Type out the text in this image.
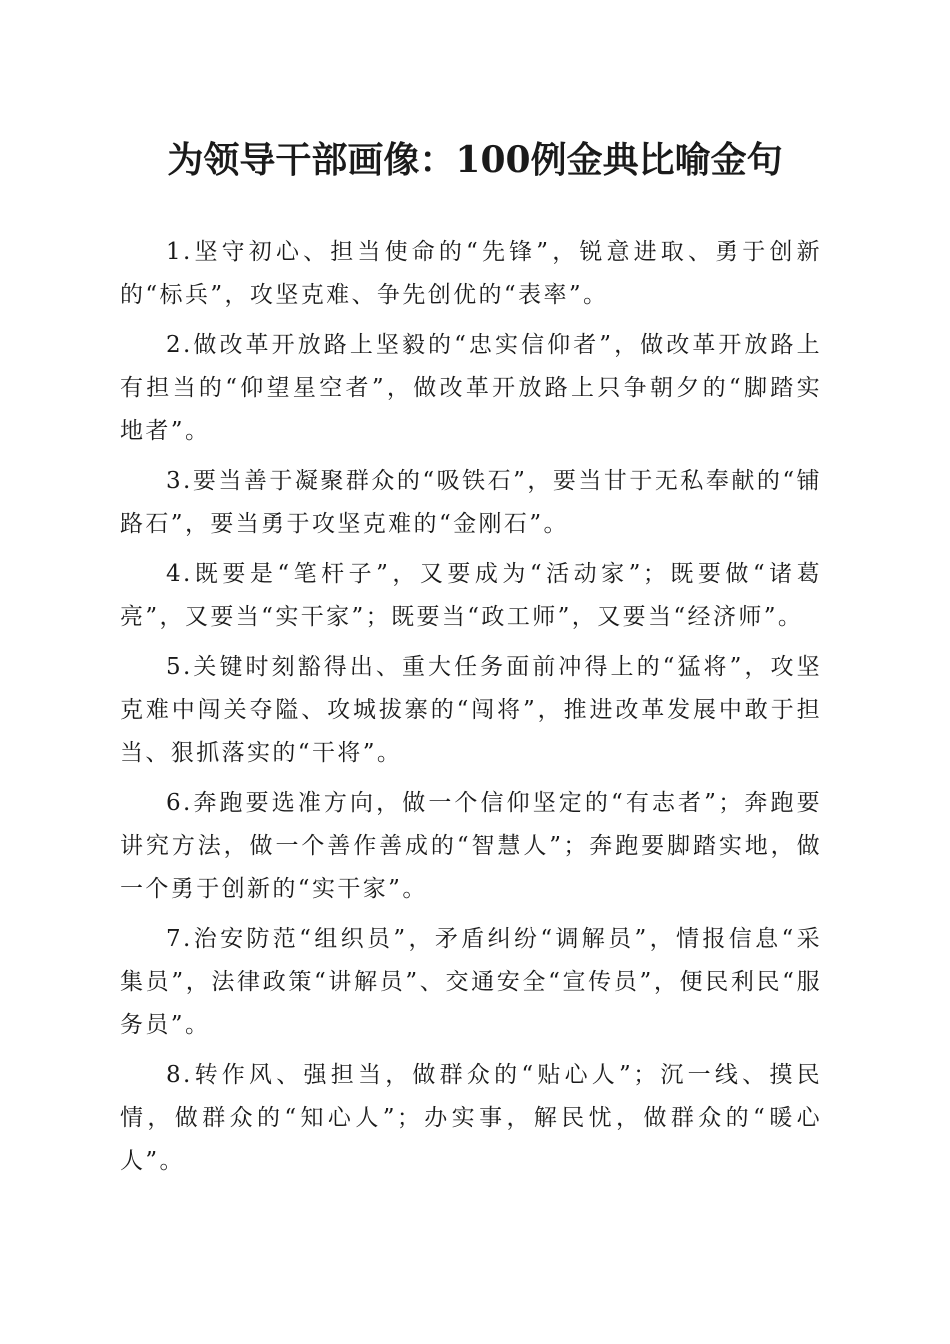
为领导干部画像：100例金典比喻金句

1.坚守初心、担当使命的“先锋”，锐意进取、勇于创新的“标兵”，攻坚克难、争先创优的“表率”。

2.做改革开放路上坚毅的“忠实信仰者”，做改革开放路上有担当的“仰望星空者”，做改革开放路上只争朝夕的“脚踏实地者”。

3.要当善于凝聚群众的“吸铁石”，要当甘于无私奉献的“铺路石”，要当勇于攻坚克难的“金刚石”。

4.既要是“笔杆子”，又要成为“活动家”；既要做“诸葛亮”，又要当“实干家”；既要当“政工师”，又要当“经济师”。

5.关键时刻豁得出、重大任务面前冲得上的“猛将”，攻坚克难中闯关夺隘、攻城拔寨的“闯将”，推进改革发展中敢于担当、狠抓落实的“干将”。

6.奔跑要选准方向，做一个信仰坚定的“有志者”；奔跑要讲究方法，做一个善作善成的“智慧人”；奔跑要脚踏实地，做一个勇于创新的“实干家”。

7.治安防范“组织员”，矛盾纠纷“调解员”，情报信息“采集员”，法律政策“讲解员”、交通安全“宣传员”，便民利民“服务员”。

8.转作风、强担当，做群众的“贴心人”；沉一线、摸民情，做群众的“知心人”；办实事，解民忧，做群众的“暖心人”。
